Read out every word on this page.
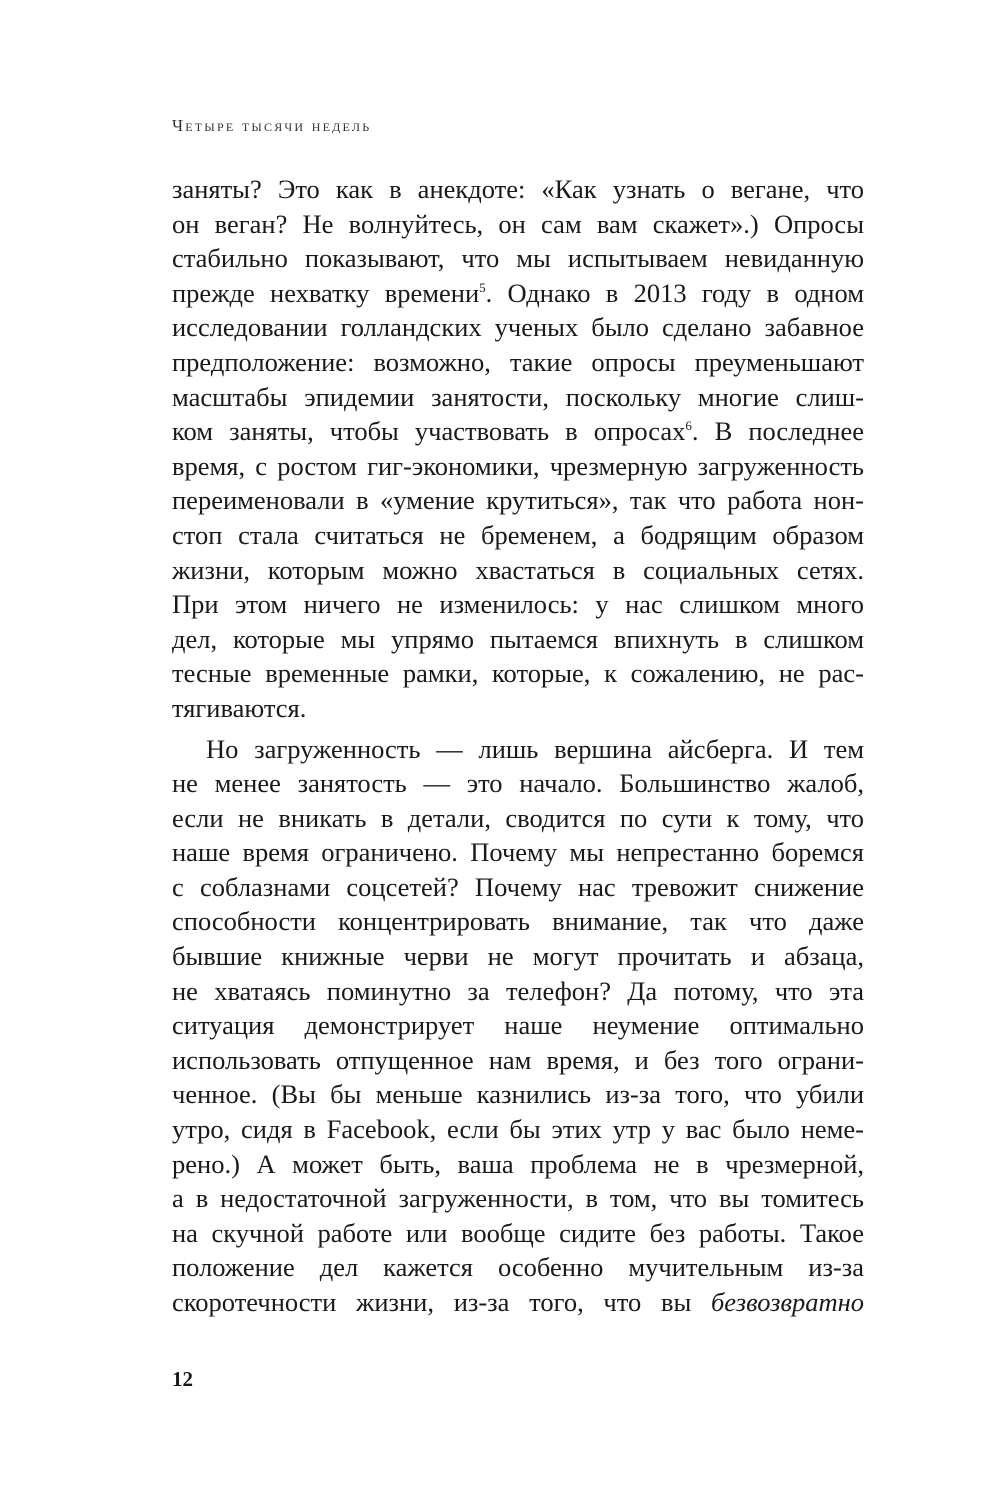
Четыре тысячи недель

заняты? Это как в анекдоте: «Как узнать о вегане, что
он веган? Не волнуйтесь, он сам вам скажет».) Опросы
стабильно показывают, что мы испытываем невиданную
прежде нехватку времени$^5$. Однако в 2013 году в одном
исследовании голландских ученых было сделано забавное
предположение: возможно, такие опросы преуменьшают
масштабы эпидемии занятости, поскольку многие слиш-
ком заняты, чтобы участвовать в опросах$^6$. В последнее
время, с ростом гиг-экономики, чрезмерную загруженность
переименовали в «умение крутиться», так что работа нон-
стоп стала считаться не бременем, а бодрящим образом
жизни, которым можно хвастаться в социальных сетях.
При этом ничего не изменилось: у нас слишком много
дел, которые мы упрямо пытаемся впихнуть в слишком
тесные временные рамки, которые, к сожалению, не рас-
тягиваются.

Но загруженность — лишь вершина айсберга. И тем
не менее занятость — это начало. Большинство жалоб,
если не вникать в детали, сводится по сути к тому, что
наше время ограничено. Почему мы непрестанно боремся
с соблазнами соцсетей? Почему нас тревожит снижение
способности концентрировать внимание, так что даже
бывшие книжные черви не могут прочитать и абзаца,
не хватаясь поминутно за телефон? Да потому, что эта
ситуация демонстрирует наше неумение оптимально
использовать отпущенное нам время, и без того ограни-
ченное. (Вы бы меньше казнились из-за того, что убили
утро, сидя в Facebook, если бы этих утр у вас было неме-
рено.) А может быть, ваша проблема не в чрезмерной,
а в недостаточной загруженности, в том, что вы томитесь
на скучной работе или вообще сидите без работы. Такое
положение дел кажется особенно мучительным из-за
скоротечности жизни, из-за того, что вы безвозвратно

12
